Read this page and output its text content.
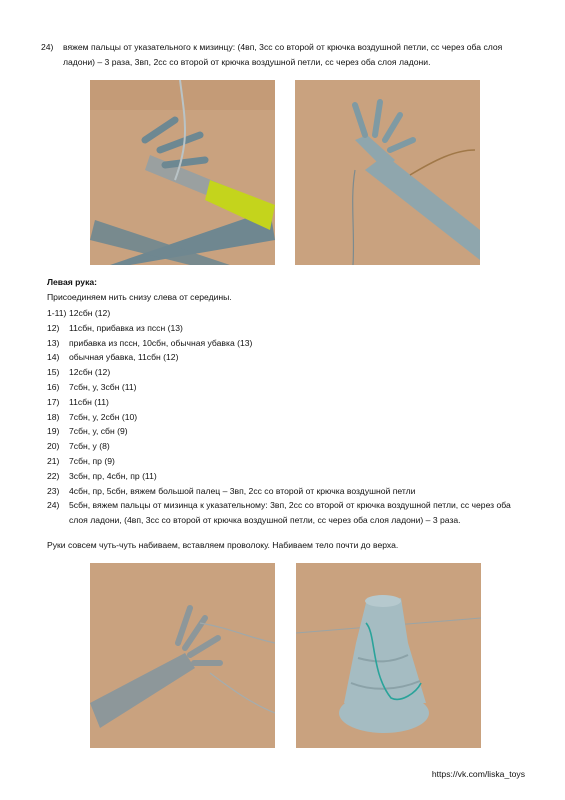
24) вяжем пальцы от указательного к мизинцу: (4вп, 3сс со второй от крючка воздушной петли, сс через оба слоя ладони) – 3 раза, 3вп, 2сс со второй от крючка воздушной петли, сс через оба слоя ладони.
Левая рука:
Присоединяем нить снизу слева от середины.
1-11) 12сбн (12)
12) 11сбн, прибавка из пссн (13)
13) прибавка из пссн, 10сбн, обычная убавка (13)
14) обычная убавка, 11сбн (12)
15) 12сбн (12)
16) 7сбн, у, 3сбн (11)
17) 11сбн (11)
18) 7сбн, у, 2сбн (10)
19) 7сбн, у, сбн (9)
20) 7сбн, у (8)
21) 7сбн, пр (9)
22) 3сбн, пр, 4сбн, пр (11)
23) 4сбн, пр, 5сбн, вяжем большой палец – 3вп, 2сс со второй от крючка воздушной петли
24)	5сбн, вяжем пальцы от мизинца к указательному: 3вп, 2сс со второй от крючка воздушной петли, сс через оба слоя ладони, (4вп, 3сс со второй от крючка воздушной петли, сс через оба слоя ладони) – 3 раза.
Руки совсем чуть-чуть набиваем, вставляем проволоку. Набиваем тело почти до верха.
https://vk.com/liska_toys
